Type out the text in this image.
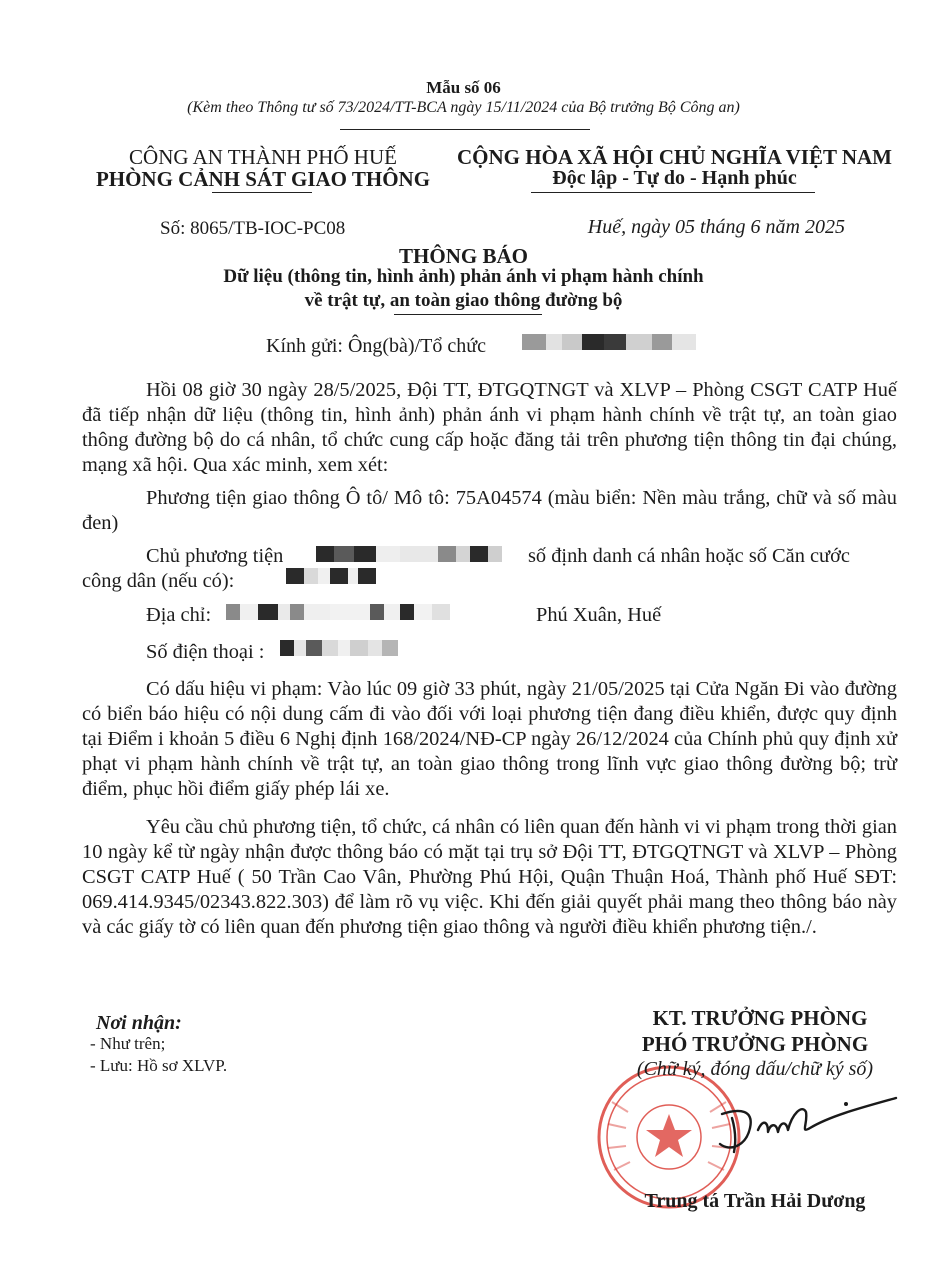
Mẫu số 06
(Kèm theo Thông tư số 73/2024/TT-BCA ngày 15/11/2024 của Bộ trưởng Bộ Công an)
CÔNG AN THÀNH PHỐ HUẾ
PHÒNG CẢNH SÁT GIAO THÔNG
CỘNG HÒA XÃ HỘI CHỦ NGHĨA VIỆT NAM
Độc lập - Tự do - Hạnh phúc
Số: 8065/TB-IOC-PC08	Huế, ngày 05 tháng 6 năm 2025
THÔNG BÁO
Dữ liệu (thông tin, hình ảnh) phản ánh vi phạm hành chính
về trật tự, an toàn giao thông đường bộ
Kính gửi: Ông(bà)/Tổ chức
Hồi 08 giờ 30 ngày 28/5/2025, Đội TT, ĐTGQTNGT và XLVP – Phòng CSGT CATP Huế đã tiếp nhận dữ liệu (thông tin, hình ảnh) phản ánh vi phạm hành chính về trật tự, an toàn giao thông đường bộ do cá nhân, tổ chức cung cấp hoặc đăng tải trên phương tiện thông tin đại chúng, mạng xã hội. Qua xác minh, xem xét:
Phương tiện giao thông Ô tô/ Mô tô: 75A04574 (màu biển: Nền màu trắng, chữ và số màu đen)
Chủ phương tiện	số định danh cá nhân hoặc số Căn cước
công dân (nếu có):
Địa chỉ:	Phú Xuân, Huế
Số điện thoại :
Có dấu hiệu vi phạm: Vào lúc 09 giờ 33 phút, ngày 21/05/2025 tại Cửa Ngăn Đi vào đường có biển báo hiệu có nội dung cấm đi vào đối với loại phương tiện đang điều khiển, được quy định tại Điểm i khoản 5 điều 6 Nghị định 168/2024/NĐ-CP ngày 26/12/2024 của Chính phủ quy định xử phạt vi phạm hành chính về trật tự, an toàn giao thông trong lĩnh vực giao thông đường bộ; trừ điểm, phục hồi điểm giấy phép lái xe.
Yêu cầu chủ phương tiện, tổ chức, cá nhân có liên quan đến hành vi vi phạm trong thời gian 10 ngày kể từ ngày nhận được thông báo có mặt tại trụ sở Đội TT, ĐTGQTNGT và XLVP – Phòng CSGT CATP Huế ( 50 Trần Cao Vân, Phường Phú Hội, Quận Thuận Hoá, Thành phố Huế SĐT: 069.414.9345/02343.822.303) để làm rõ vụ việc. Khi đến giải quyết phải mang theo thông báo này và các giấy tờ có liên quan đến phương tiện giao thông và người điều khiển phương tiện./.
Nơi nhận:
- Như trên;
- Lưu: Hồ sơ XLVP.
KT. TRƯỞNG PHÒNG
PHÓ TRƯỞNG PHÒNG
(Chữ ký, đóng dấu/chữ ký số)
Trung tá Trần Hải Dương
